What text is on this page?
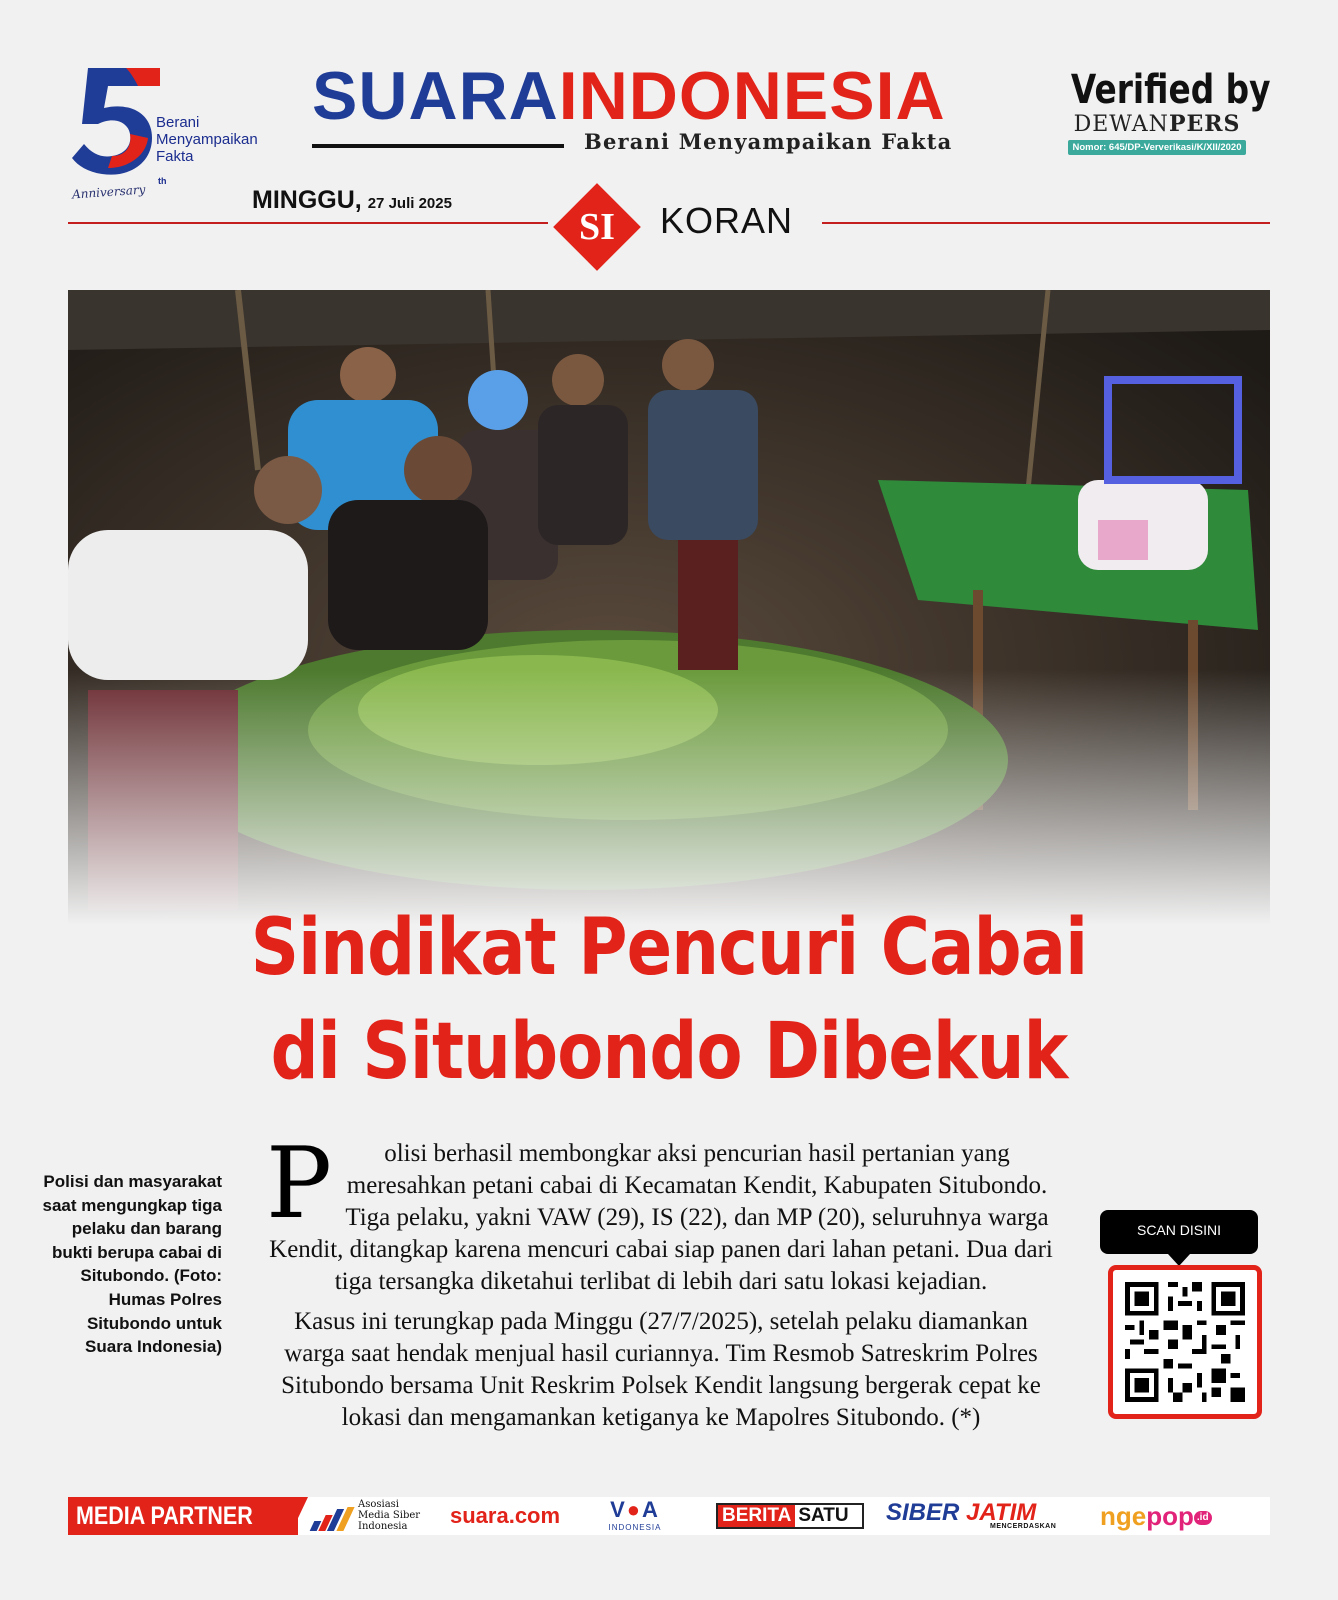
th
Berani
Menyampaikan
Fakta
Anniversary
SUARAINDONESIA
Berani Menyampaikan Fakta
Verified by
DEWANPERS
Nomor: 645/DP-Ververikasi/K/XII/2020
MINGGU, 27 Juli 2025
SI	KORAN
Sindikat Pencuri Cabai
di Situbondo Dibekuk
Polisi dan masyarakat saat mengungkap tiga pelaku dan barang bukti berupa cabai di Situbondo. (Foto: Humas Polres Situbondo untuk Suara Indonesia)

P olisi berhasil membongkar aksi pencurian hasil pertanian yang meresahkan petani cabai di Kecamatan Kendit, Kabupaten Situbondo. Tiga pelaku, yakni VAW (29), IS (22), dan MP (20), seluruhnya warga Kendit, ditangkap karena mencuri cabai siap panen dari lahan petani. Dua dari tiga tersangka diketahui terlibat di lebih dari satu lokasi kejadian.

Kasus ini terungkap pada Minggu (27/7/2025), setelah pelaku diamankan warga saat hendak menjual hasil curiannya. Tim Resmob Satreskrim Polres Situbondo bersama Unit Reskrim Polsek Kendit langsung bergerak cepat ke lokasi dan mengamankan ketiganya ke Mapolres Situbondo. (*)

SCAN DISINI
MEDIA PARTNER	Asosiasi
Media Siber
Indonesia	suara.com	V●A
INDONESIA
BERITA SATU	SIBER JATIM
MENCERDASKAN ngepop .id
